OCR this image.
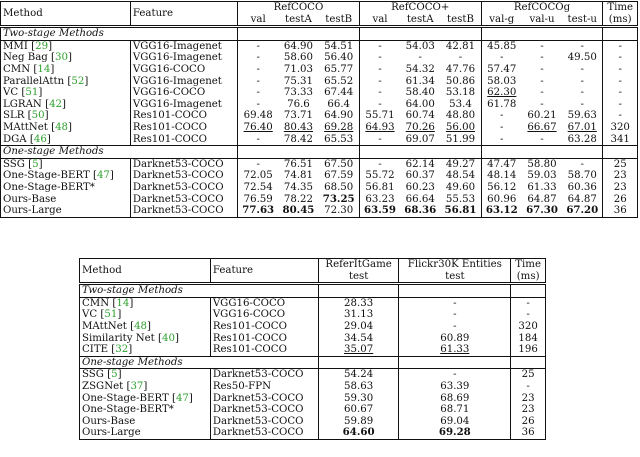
Method	Feature	RefCOCO			RefCOCO+			RefCOCOg			Time
		val	testA	testB	val	testA	testB	val-g	val-u	test-u	(ms)
Two-stage Methods											
MMI [29]	VGG16-Imagenet	-	64.90	54.51	-	54.03	42.81	45.85	-	-	-
Neg Bag [30]	VGG16-Imagenet	-	58.60	56.40	-	-	-	-	-	49.50	-
CMN [14]	VGG16-COCO	-	71.03	65.77	-	54.32	47.76	57.47	-	-	-
ParallelAttn [52]	VGG16-Imagenet	-	75.31	65.52	-	61.34	50.86	58.03	-	-	-
VC [51]	VGG16-COCO	-	73.33	67.44	-	58.40	53.18	62.30	-	-	-
LGRAN [42]	VGG16-Imagenet	-	76.6	66.4	-	64.00	53.4	61.78	-	-	-
SLR [50]	Res101-COCO	69.48	73.71	64.90	55.71	60.74	48.80	-	60.21	59.63	-
MAttNet [48]	Res101-COCO	76.40	80.43	69.28	64.93	70.26	56.00	-	66.67	67.01	320
DGA [46]	Res101-COCO	-	78.42	65.53	-	69.07	51.99	-	-	63.28	341
One-stage Methods											
SSG [5]	Darknet53-COCO	-	76.51	67.50	-	62.14	49.27	47.47	58.80	-	25
One-Stage-BERT [47]	Darknet53-COCO	72.05	74.81	67.59	55.72	60.37	48.54	48.14	59.03	58.70	23
One-Stage-BERT*	Darknet53-COCO	72.54	74.35	68.50	56.81	60.23	49.60	56.12	61.33	60.36	23
Ours-Base	Darknet53-COCO	76.59	78.22	73.25	63.23	66.64	55.53	60.96	64.87	64.87	26
Ours-Large	Darknet53-COCO	77.63	80.45	72.30	63.59	68.36	56.81	63.12	67.30	67.20	36
Method	Feature	ReferItGame	Flickr30K Entities	Time
		test	test	(ms)
Two-stage Methods				
CMN [14]	VGG16-COCO	28.33	-	-
VC [51]	VGG16-COCO	31.13	-	-
MAttNet [48]	Res101-COCO	29.04	-	320
Similarity Net [40]	Res101-COCO	34.54	60.89	184
CITE [32]	Res101-COCO	35.07	61.33	196
One-stage Methods				
SSG [5]	Darknet53-COCO	54.24	-	25
ZSGNet [37]	Res50-FPN	58.63	63.39	-
One-Stage-BERT [47]	Darknet53-COCO	59.30	68.69	23
One-Stage-BERT*	Darknet53-COCO	60.67	68.71	23
Ours-Base	Darknet53-COCO	59.89	69.04	26
Ours-Large	Darknet53-COCO	64.60	69.28	36
